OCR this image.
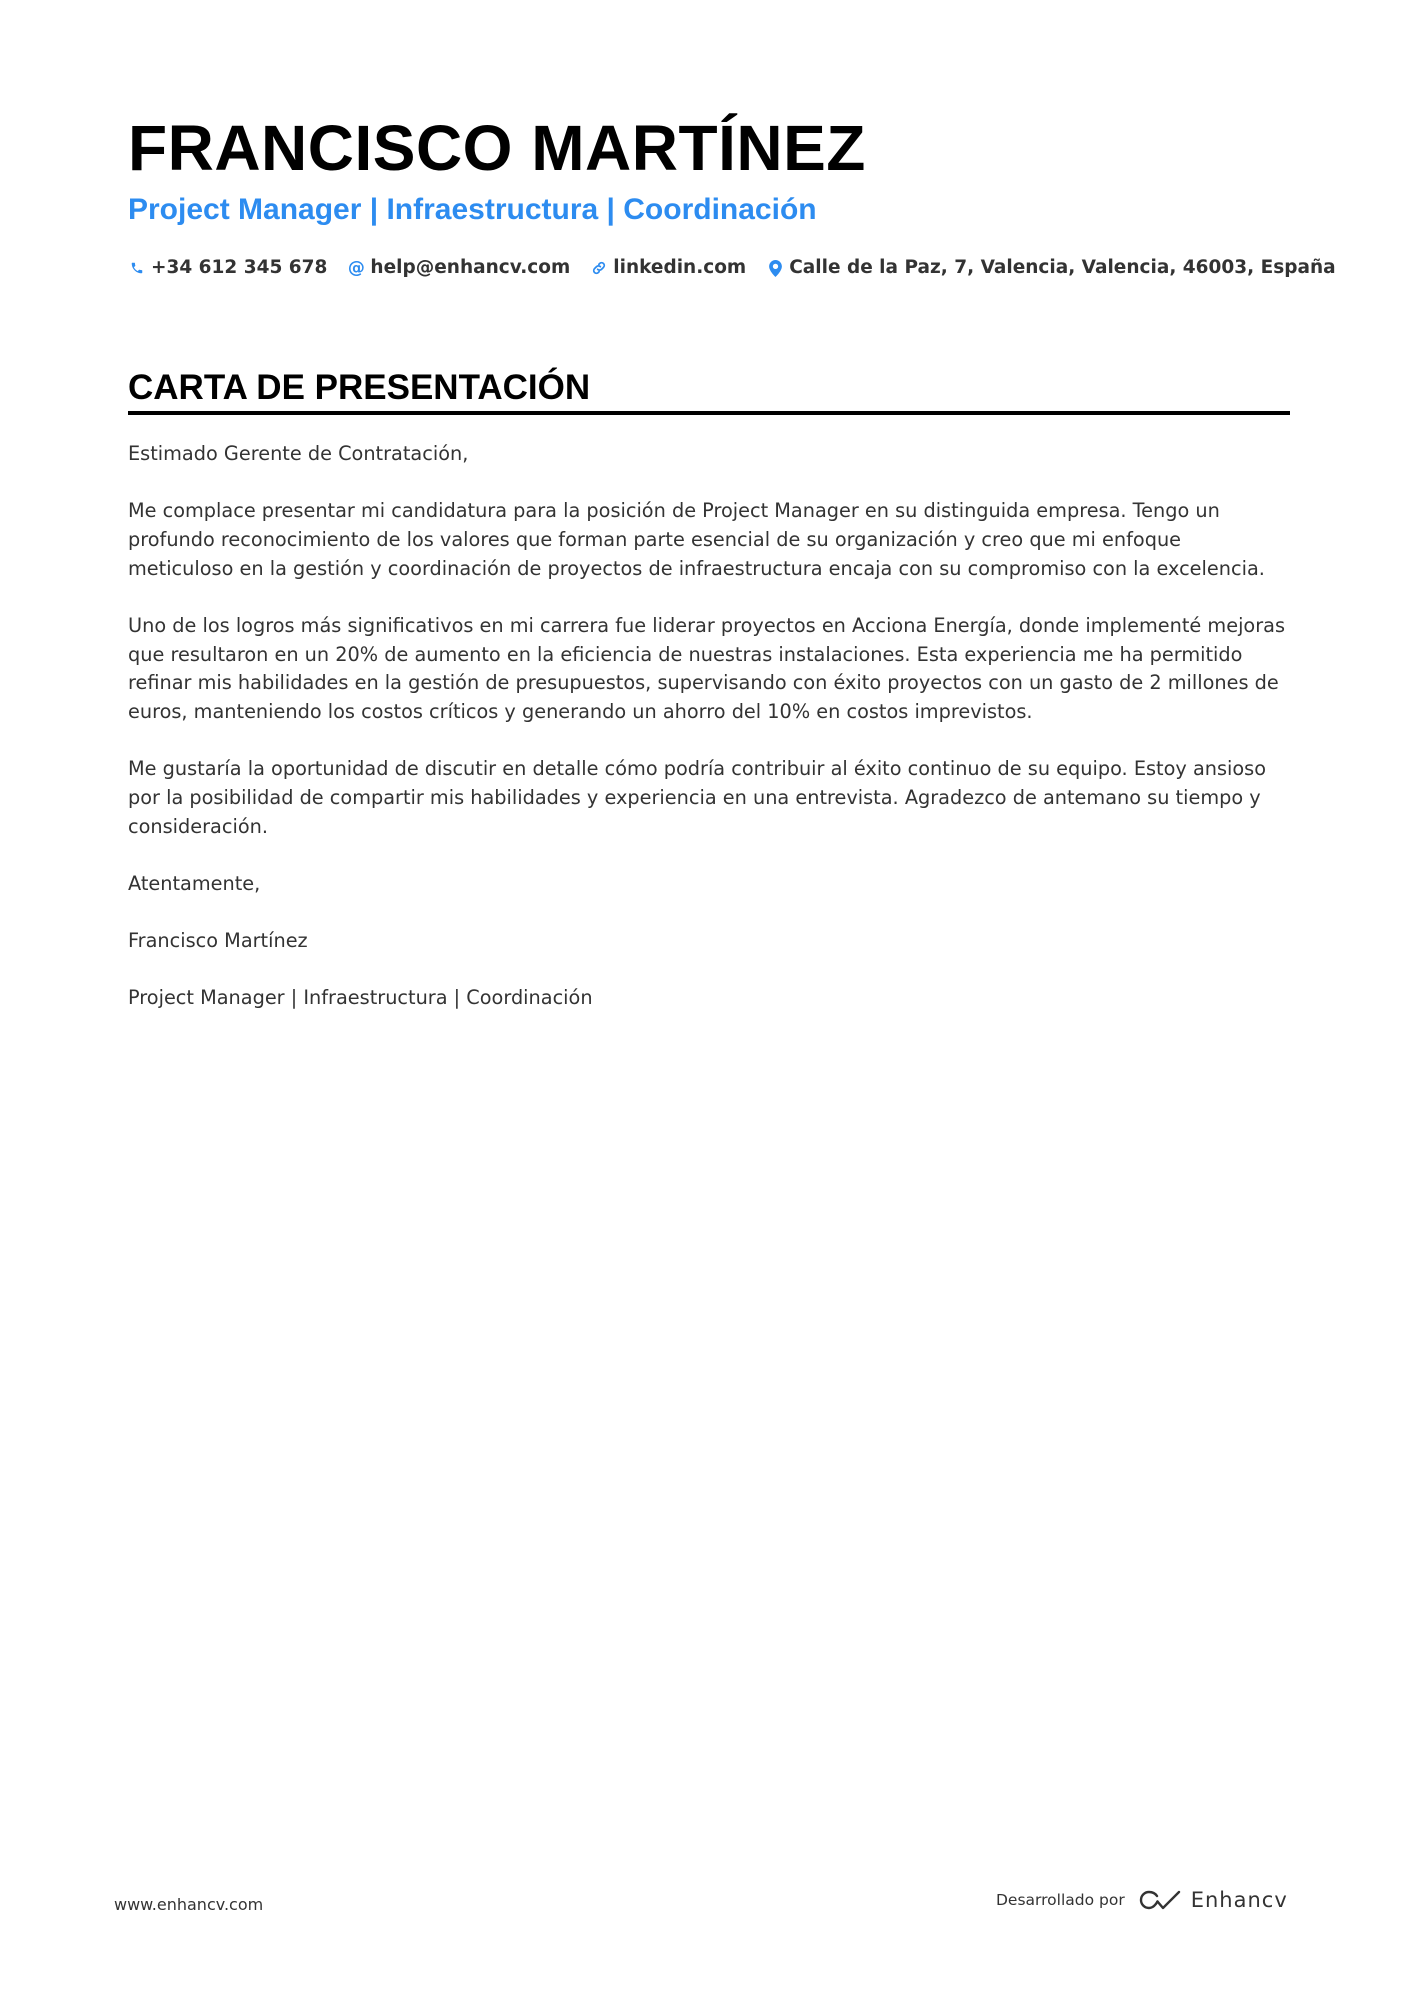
FRANCISCO MARTÍNEZ
Project Manager | Infraestructura | Coordinación
+34 612 345 678 @ help@enhancv.com linkedin.com Calle de la Paz, 7, Valencia, Valencia, 46003, España
CARTA DE PRESENTACIÓN

Estimado Gerente de Contratación,

Me complace presentar mi candidatura para la posición de Project Manager en su distinguida empresa. Tengo un profundo reconocimiento de los valores que forman parte esencial de su organización y creo que mi enfoque meticuloso en la gestión y coordinación de proyectos de infraestructura encaja con su compromiso con la excelencia.

Uno de los logros más significativos en mi carrera fue liderar proyectos en Acciona Energía, donde implementé mejoras que resultaron en un 20% de aumento en la eficiencia de nuestras instalaciones. Esta experiencia me ha permitido refinar mis habilidades en la gestión de presupuestos, supervisando con éxito proyectos con un gasto de 2 millones de euros, manteniendo los costos críticos y generando un ahorro del 10% en costos imprevistos.

Me gustaría la oportunidad de discutir en detalle cómo podría contribuir al éxito continuo de su equipo. Estoy ansioso por la posibilidad de compartir mis habilidades y experiencia en una entrevista. Agradezco de antemano su tiempo y consideración.

Atentamente,

Francisco Martínez

Project Manager | Infraestructura | Coordinación

www.enhancv.com	Desarrollado por	Enhancv
